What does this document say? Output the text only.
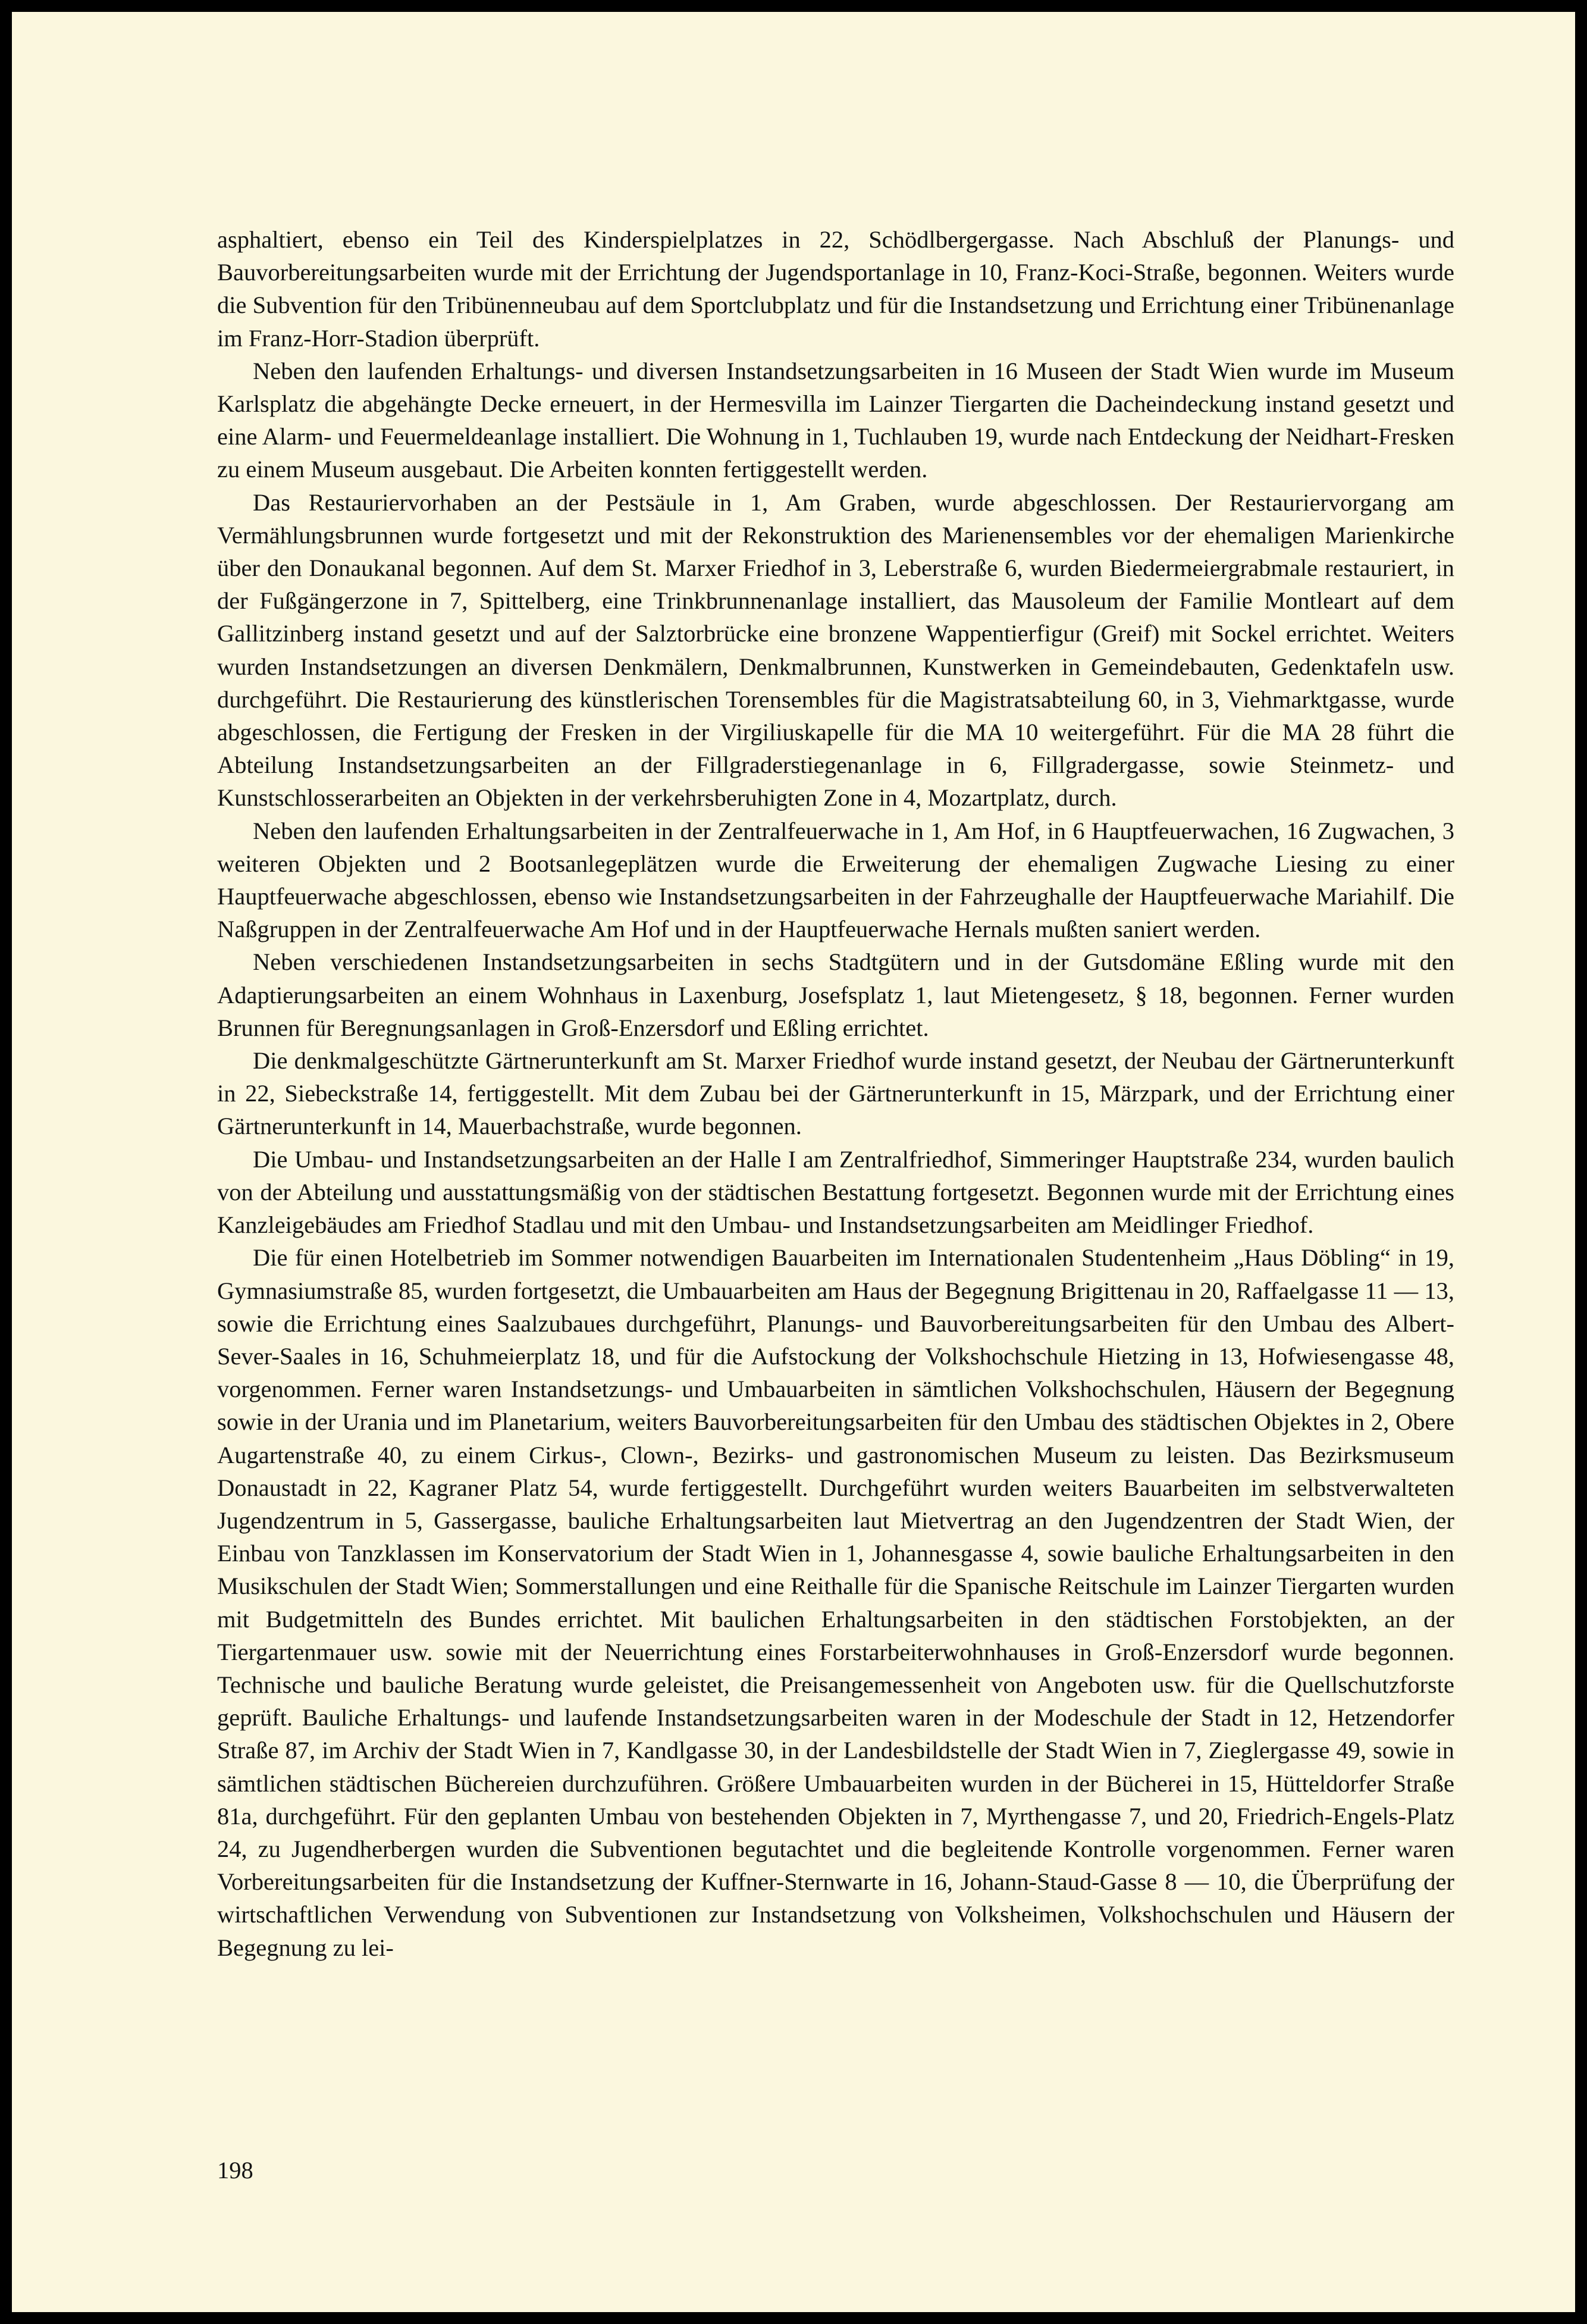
asphaltiert, ebenso ein Teil des Kinderspielplatzes in 22, Schödlbergergasse. Nach Abschluß der Planungs- und Bauvorbereitungsarbeiten wurde mit der Errichtung der Jugendsportanlage in 10, Franz-Koci-Straße, begonnen. Weiters wurde die Subvention für den Tribünenneubau auf dem Sportclubplatz und für die Instandsetzung und Errichtung einer Tribünenanlage im Franz-Horr-Stadion überprüft.

Neben den laufenden Erhaltungs- und diversen Instandsetzungsarbeiten in 16 Museen der Stadt Wien wurde im Museum Karlsplatz die abgehängte Decke erneuert, in der Hermesvilla im Lainzer Tiergarten die Dacheindeckung instand gesetzt und eine Alarm- und Feuermeldeanlage installiert. Die Wohnung in 1, Tuchlauben 19, wurde nach Entdeckung der Neidhart-Fresken zu einem Museum ausgebaut. Die Arbeiten konnten fertiggestellt werden.

Das Restauriervorhaben an der Pestsäule in 1, Am Graben, wurde abgeschlossen. Der Restauriervorgang am Vermählungsbrunnen wurde fortgesetzt und mit der Rekonstruktion des Marienensembles vor der ehemaligen Marienkirche über den Donaukanal begonnen. Auf dem St. Marxer Friedhof in 3, Leberstraße 6, wurden Biedermeiergrabmale restauriert, in der Fußgängerzone in 7, Spittelberg, eine Trinkbrunnenanlage installiert, das Mausoleum der Familie Montleart auf dem Gallitzinberg instand gesetzt und auf der Salztorbrücke eine bronzene Wappentierfigur (Greif) mit Sockel errichtet. Weiters wurden Instandsetzungen an diversen Denkmälern, Denkmalbrunnen, Kunstwerken in Gemeindebauten, Gedenktafeln usw. durchgeführt. Die Restaurierung des künstlerischen Torensembles für die Magistratsabteilung 60, in 3, Viehmarktgasse, wurde abgeschlossen, die Fertigung der Fresken in der Virgiliuskapelle für die MA 10 weitergeführt. Für die MA 28 führt die Abteilung Instandsetzungsarbeiten an der Fillgraderstiegenanlage in 6, Fillgradergasse, sowie Steinmetz- und Kunstschlosserarbeiten an Objekten in der verkehrsberuhigten Zone in 4, Mozartplatz, durch.

Neben den laufenden Erhaltungsarbeiten in der Zentralfeuerwache in 1, Am Hof, in 6 Hauptfeuerwachen, 16 Zugwachen, 3 weiteren Objekten und 2 Bootsanlegeplätzen wurde die Erweiterung der ehemaligen Zugwache Liesing zu einer Hauptfeuerwache abgeschlossen, ebenso wie Instandsetzungsarbeiten in der Fahrzeughalle der Hauptfeuerwache Mariahilf. Die Naßgruppen in der Zentralfeuerwache Am Hof und in der Hauptfeuerwache Hernals mußten saniert werden.

Neben verschiedenen Instandsetzungsarbeiten in sechs Stadtgütern und in der Gutsdomäne Eßling wurde mit den Adaptierungsarbeiten an einem Wohnhaus in Laxenburg, Josefsplatz 1, laut Mietengesetz, § 18, begonnen. Ferner wurden Brunnen für Beregnungsanlagen in Groß-Enzersdorf und Eßling errichtet.

Die denkmalgeschützte Gärtnerunterkunft am St. Marxer Friedhof wurde instand gesetzt, der Neubau der Gärtnerunterkunft in 22, Siebeckstraße 14, fertiggestellt. Mit dem Zubau bei der Gärtnerunterkunft in 15, Märzpark, und der Errichtung einer Gärtnerunterkunft in 14, Mauerbachstraße, wurde begonnen.

Die Umbau- und Instandsetzungsarbeiten an der Halle I am Zentralfriedhof, Simmeringer Hauptstraße 234, wurden baulich von der Abteilung und ausstattungsmäßig von der städtischen Bestattung fortgesetzt. Begonnen wurde mit der Errichtung eines Kanzleigebäudes am Friedhof Stadlau und mit den Umbau- und Instandsetzungsarbeiten am Meidlinger Friedhof.

Die für einen Hotelbetrieb im Sommer notwendigen Bauarbeiten im Internationalen Studentenheim „Haus Döbling“ in 19, Gymnasiumstraße 85, wurden fortgesetzt, die Umbauarbeiten am Haus der Begegnung Brigittenau in 20, Raffaelgasse 11 — 13, sowie die Errichtung eines Saalzubaues durchgeführt, Planungs- und Bauvorbereitungsarbeiten für den Umbau des Albert-Sever-Saales in 16, Schuhmeierplatz 18, und für die Aufstockung der Volkshochschule Hietzing in 13, Hofwiesengasse 48, vorgenommen. Ferner waren Instandsetzungs- und Umbauarbeiten in sämtlichen Volkshochschulen, Häusern der Begegnung sowie in der Urania und im Planetarium, weiters Bauvorbereitungsarbeiten für den Umbau des städtischen Objektes in 2, Obere Augartenstraße 40, zu einem Cirkus-, Clown-, Bezirks- und gastronomischen Museum zu leisten. Das Bezirksmuseum Donaustadt in 22, Kagraner Platz 54, wurde fertiggestellt. Durchgeführt wurden weiters Bauarbeiten im selbstverwalteten Jugendzentrum in 5, Gassergasse, bauliche Erhaltungsarbeiten laut Mietvertrag an den Jugendzentren der Stadt Wien, der Einbau von Tanzklassen im Konservatorium der Stadt Wien in 1, Johannesgasse 4, sowie bauliche Erhaltungsarbeiten in den Musikschulen der Stadt Wien; Sommerstallungen und eine Reithalle für die Spanische Reitschule im Lainzer Tiergarten wurden mit Budgetmitteln des Bundes errichtet. Mit baulichen Erhaltungsarbeiten in den städtischen Forstobjekten, an der Tiergartenmauer usw. sowie mit der Neuerrichtung eines Forstarbeiterwohnhauses in Groß-Enzersdorf wurde begonnen. Technische und bauliche Beratung wurde geleistet, die Preisangemessenheit von Angeboten usw. für die Quellschutzforste geprüft. Bauliche Erhaltungs- und laufende Instandsetzungsarbeiten waren in der Modeschule der Stadt in 12, Hetzendorfer Straße 87, im Archiv der Stadt Wien in 7, Kandlgasse 30, in der Landesbildstelle der Stadt Wien in 7, Zieglergasse 49, sowie in sämtlichen städtischen Büchereien durchzuführen. Größere Umbauarbeiten wurden in der Bücherei in 15, Hütteldorfer Straße 81a, durchgeführt. Für den geplanten Umbau von bestehenden Objekten in 7, Myrthengasse 7, und 20, Friedrich-Engels-Platz 24, zu Jugendherbergen wurden die Subventionen begutachtet und die begleitende Kontrolle vorgenommen. Ferner waren Vorbereitungsarbeiten für die Instandsetzung der Kuffner-Sternwarte in 16, Johann-Staud-Gasse 8 — 10, die Überprüfung der wirtschaftlichen Verwendung von Subventionen zur Instandsetzung von Volksheimen, Volkshochschulen und Häusern der Begegnung zu lei-

198
